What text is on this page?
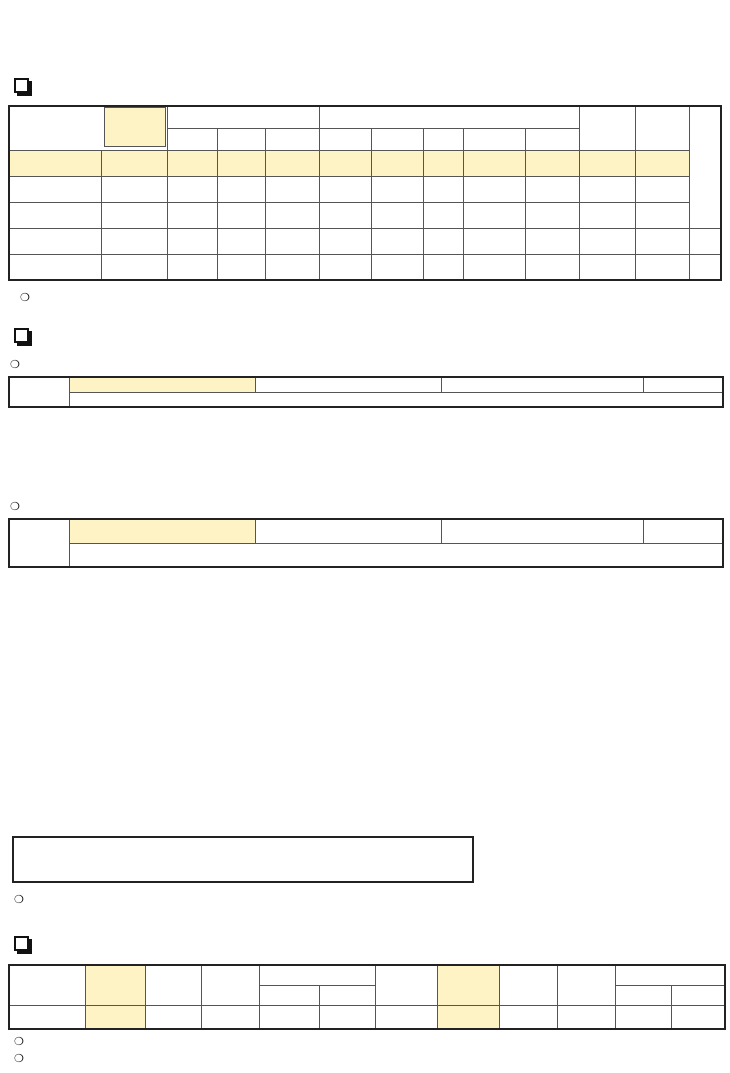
❍
❍

❍

❍

❍
❍
